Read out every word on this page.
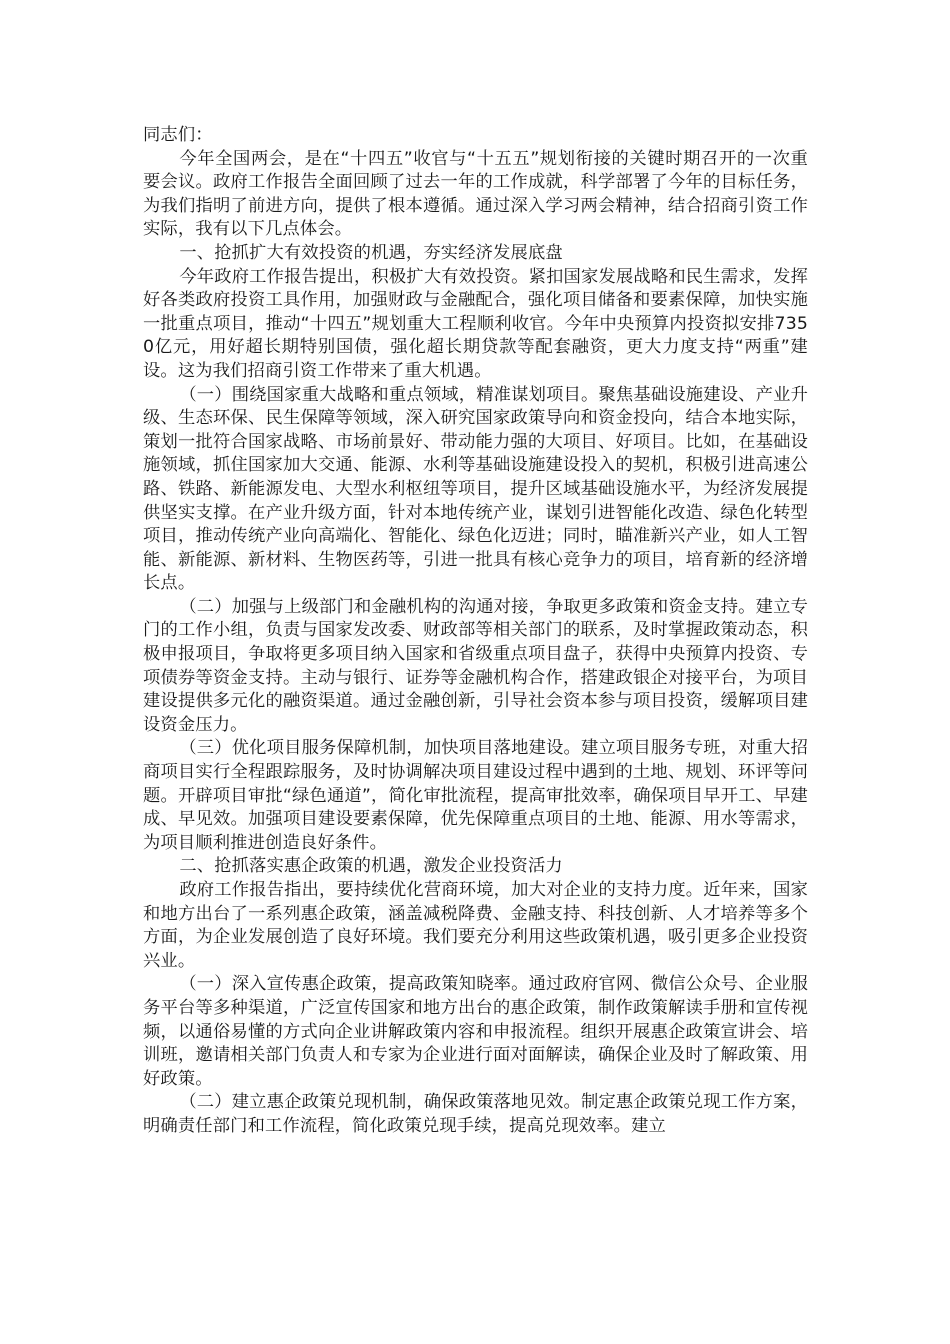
同志们：

今年全国两会，是在“十四五”收官与“十五五”规划衔接的关键时期召开的一次重要会议。政府工作报告全面回顾了过去一年的工作成就，科学部署了今年的目标任务，为我们指明了前进方向，提供了根本遵循。通过深入学习两会精神，结合招商引资工作实际，我有以下几点体会。

一、抢抓扩大有效投资的机遇，夯实经济发展底盘

今年政府工作报告提出，积极扩大有效投资。紧扣国家发展战略和民生需求，发挥好各类政府投资工具作用，加强财政与金融配合，强化项目储备和要素保障，加快实施一批重点项目，推动“十四五”规划重大工程顺利收官。今年中央预算内投资拟安排7350亿元，用好超长期特别国债，强化超长期贷款等配套融资，更大力度支持“两重”建设。这为我们招商引资工作带来了重大机遇。

（一）围绕国家重大战略和重点领域，精准谋划项目。聚焦基础设施建设、产业升级、生态环保、民生保障等领域，深入研究国家政策导向和资金投向，结合本地实际，策划一批符合国家战略、市场前景好、带动能力强的大项目、好项目。比如，在基础设施领域，抓住国家加大交通、能源、水利等基础设施建设投入的契机，积极引进高速公路、铁路、新能源发电、大型水利枢纽等项目，提升区域基础设施水平，为经济发展提供坚实支撑。在产业升级方面，针对本地传统产业，谋划引进智能化改造、绿色化转型项目，推动传统产业向高端化、智能化、绿色化迈进；同时，瞄准新兴产业，如人工智能、新能源、新材料、生物医药等，引进一批具有核心竞争力的项目，培育新的经济增长点。

（二）加强与上级部门和金融机构的沟通对接，争取更多政策和资金支持。建立专门的工作小组，负责与国家发改委、财政部等相关部门的联系，及时掌握政策动态，积极申报项目，争取将更多项目纳入国家和省级重点项目盘子，获得中央预算内投资、专项债券等资金支持。主动与银行、证券等金融机构合作，搭建政银企对接平台，为项目建设提供多元化的融资渠道。通过金融创新，引导社会资本参与项目投资，缓解项目建设资金压力。

（三）优化项目服务保障机制，加快项目落地建设。建立项目服务专班，对重大招商项目实行全程跟踪服务，及时协调解决项目建设过程中遇到的土地、规划、环评等问题。开辟项目审批“绿色通道”，简化审批流程，提高审批效率，确保项目早开工、早建成、早见效。加强项目建设要素保障，优先保障重点项目的土地、能源、用水等需求，为项目顺利推进创造良好条件。

二、抢抓落实惠企政策的机遇，激发企业投资活力

政府工作报告指出，要持续优化营商环境，加大对企业的支持力度。近年来，国家和地方出台了一系列惠企政策，涵盖减税降费、金融支持、科技创新、人才培养等多个方面，为企业发展创造了良好环境。我们要充分利用这些政策机遇，吸引更多企业投资兴业。

（一）深入宣传惠企政策，提高政策知晓率。通过政府官网、微信公众号、企业服务平台等多种渠道，广泛宣传国家和地方出台的惠企政策，制作政策解读手册和宣传视频，以通俗易懂的方式向企业讲解政策内容和申报流程。组织开展惠企政策宣讲会、培训班，邀请相关部门负责人和专家为企业进行面对面解读，确保企业及时了解政策、用好政策。

（二）建立惠企政策兑现机制，确保政策落地见效。制定惠企政策兑现工作方案，明确责任部门和工作流程，简化政策兑现手续，提高兑现效率。建立
